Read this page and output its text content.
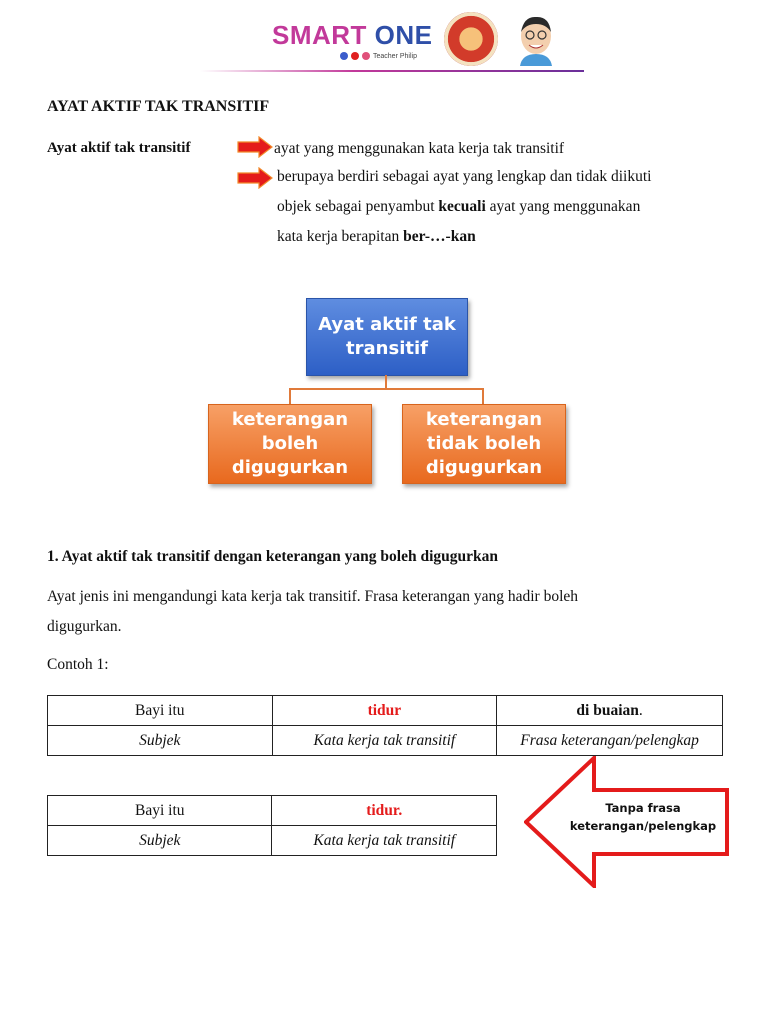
SMART ONE
Teacher Philip
AYAT AKTIF TAK TRANSITIF
Ayat aktif tak transitif	ayat yang menggunakan kata kerja tak transitif
berupaya berdiri sebagai ayat yang lengkap dan tidak diikuti
objek sebagai penyambut kecuali ayat yang menggunakan
kata kerja berapitan ber-…-kan
Ayat aktif tak transitif
keterangan boleh digugurkan
keterangan tidak boleh digugurkan
1. Ayat aktif tak transitif dengan keterangan yang boleh digugurkan
Ayat jenis ini mengandungi kata kerja tak transitif. Frasa keterangan yang hadir boleh
digugurkan.
Contoh 1:
Bayi itu	tidur	di buaian.
Subjek	Kata kerja tak transitif	Frasa keterangan/pelengkap
Bayi itu	tidur.
Subjek	Kata kerja tak transitif
Tanpa frasa
keterangan/pelengkap
